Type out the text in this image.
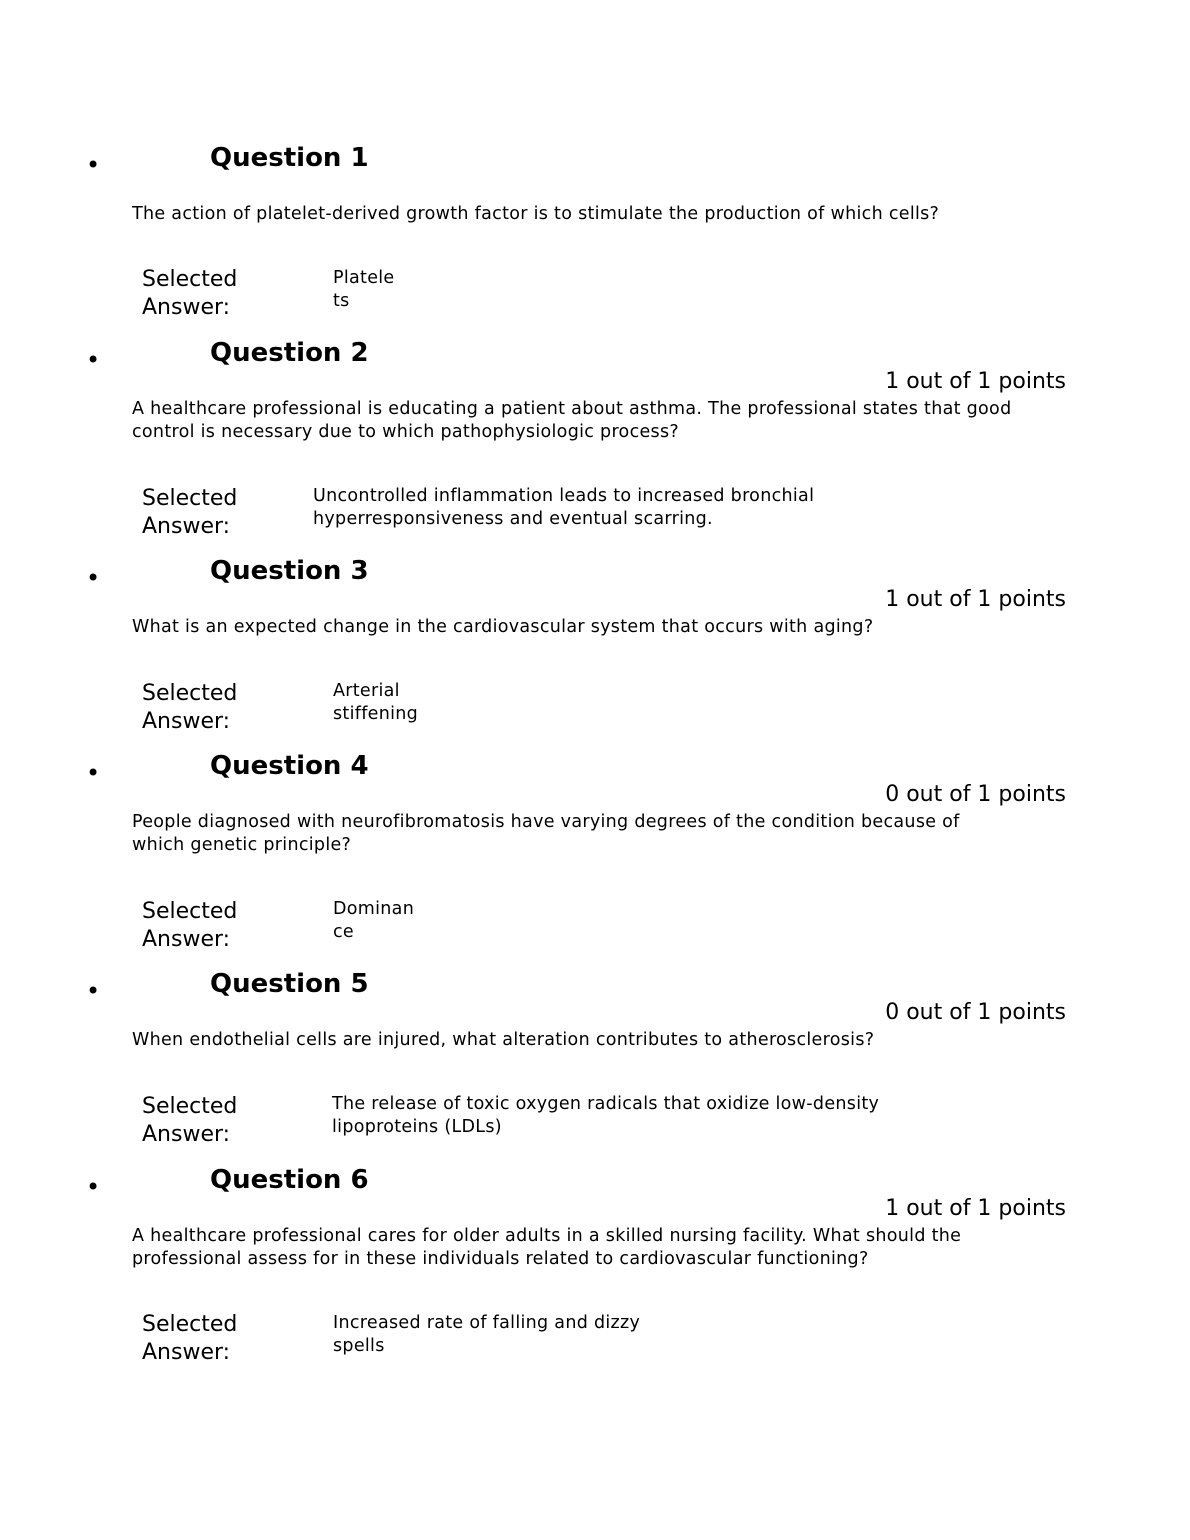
•	Question 1
The action of platelet-derived growth factor is to stimulate the production of which cells?
Selected Answer:
Platele
ts
•	Question 2
1 out of 1 points
A healthcare professional is educating a patient about asthma. The professional states that good control is necessary due to which pathophysiologic process?
Selected Answer:
Uncontrolled inflammation leads to increased bronchial
hyperresponsiveness and eventual scarring.
•	Question 3
1 out of 1 points
What is an expected change in the cardiovascular system that occurs with aging?
Selected Answer:
Arterial
stiffening
•	Question 4
0 out of 1 points
People diagnosed with neurofibromatosis have varying degrees of the condition because of which genetic principle?
Selected Answer:
Dominan
ce
•	Question 5
0 out of 1 points
When endothelial cells are injured, what alteration contributes to atherosclerosis?
Selected Answer:
The release of toxic oxygen radicals that oxidize low-density
lipoproteins (LDLs)
•	Question 6
1 out of 1 points
A healthcare professional cares for older adults in a skilled nursing facility. What should the professional assess for in these individuals related to cardiovascular functioning?
Selected Answer:
Increased rate of falling and dizzy
spells
